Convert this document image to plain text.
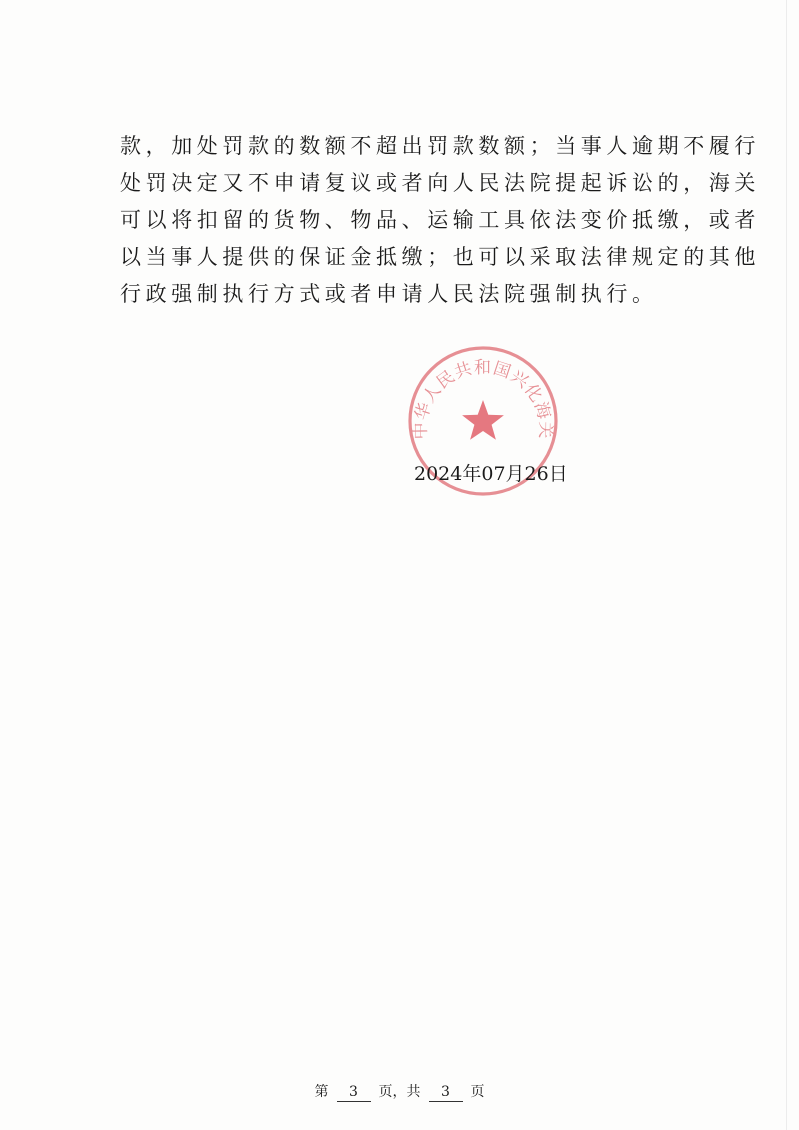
款，加处罚款的数额不超出罚款数额；当事人逾期不履行
处罚决定又不申请复议或者向人民法院提起诉讼的，海关
可以将扣留的货物、物品、运输工具依法变价抵缴，或者
以当事人提供的保证金抵缴；也可以采取法律规定的其他
行政强制执行方式或者申请人民法院强制执行。
中华人民共和国兴化海关
2024年07月26日
第 3 页，共 3 页
